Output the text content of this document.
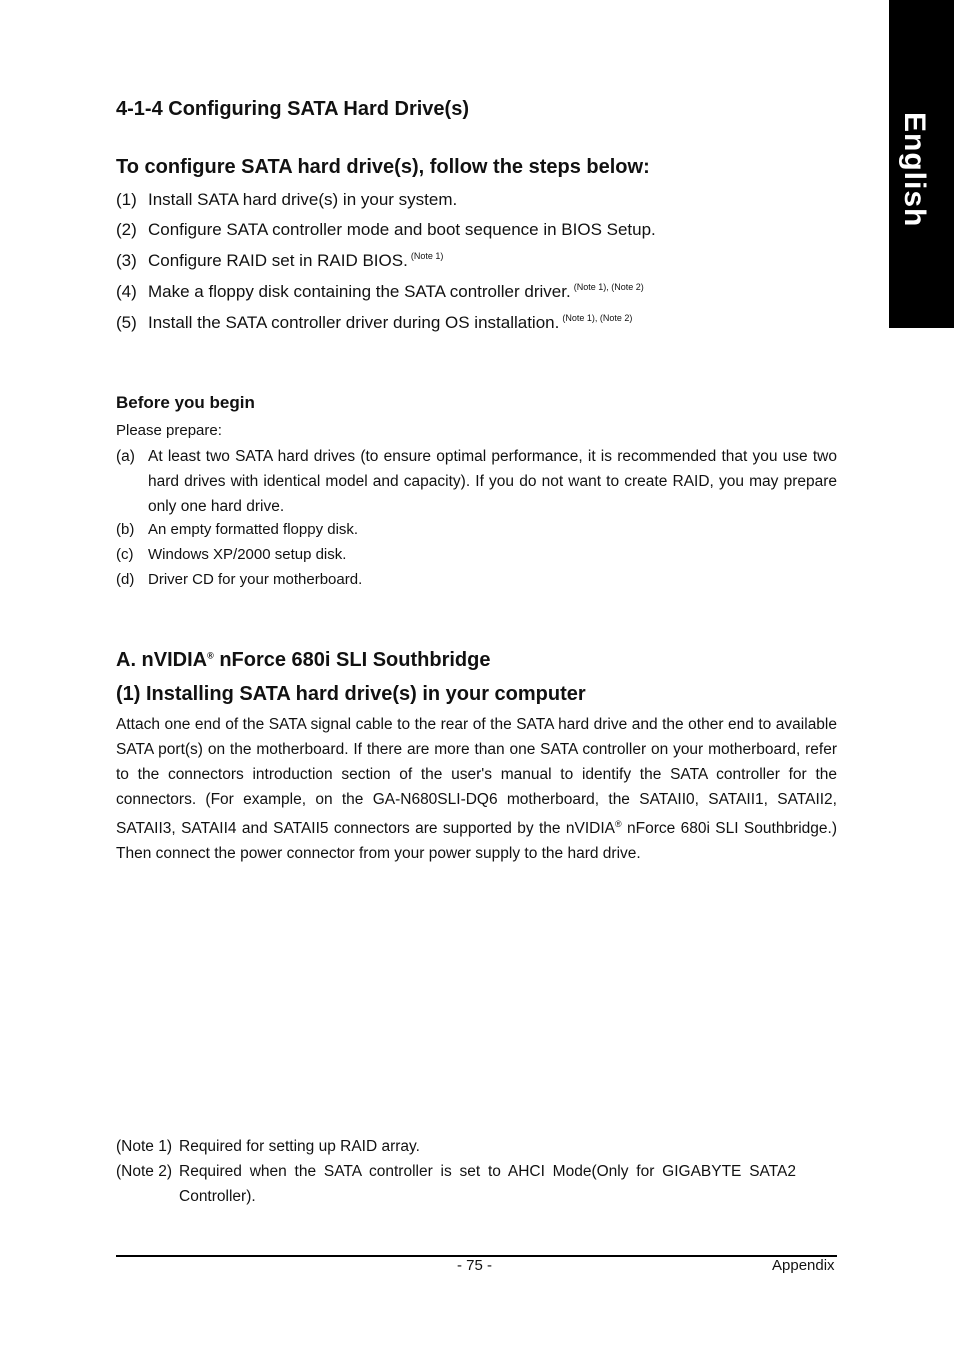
English
4-1-4 Configuring SATA Hard Drive(s)
To configure SATA hard drive(s), follow the steps below:
(1) Install SATA hard drive(s) in your system.
(2) Configure SATA controller mode and boot sequence in BIOS Setup.
(3) Configure RAID set in RAID BIOS. $^{(Note 1)}$
(4) Make a floppy disk containing the SATA controller driver. $^{(Note 1), (Note 2)}$
(5) Install the SATA controller driver during OS installation. $^{(Note 1), (Note 2)}$
Before you begin
Please prepare:
(a) At least two SATA hard drives (to ensure optimal performance, it is recommended that you use two hard drives with identical model and capacity). If you do not want to create RAID, you may prepare only one hard drive.
(b) An empty formatted floppy disk.
(c) Windows XP/2000 setup disk.
(d) Driver CD for your motherboard.
A. nVIDIA® nForce 680i SLI Southbridge
(1) Installing SATA hard drive(s) in your computer
Attach one end of the SATA signal cable to the rear of the SATA hard drive and the other end to available SATA port(s) on the motherboard. If there are more than one SATA controller on your motherboard, refer to the connectors introduction section of the user's manual to identify the SATA controller for the connectors. (For example, on the GA-N680SLI-DQ6 motherboard, the SATAII0, SATAII1, SATAII2, SATAII3, SATAII4 and SATAII5 connectors are supported by the nVIDIA® nForce 680i SLI Southbridge.) Then connect the power connector from your power supply to the hard drive.
(Note 1) Required for setting up RAID array.
(Note 2) Required when the SATA controller is set to AHCI Mode(Only for GIGABYTE SATA2 Controller).
- 75 -	Appendix
